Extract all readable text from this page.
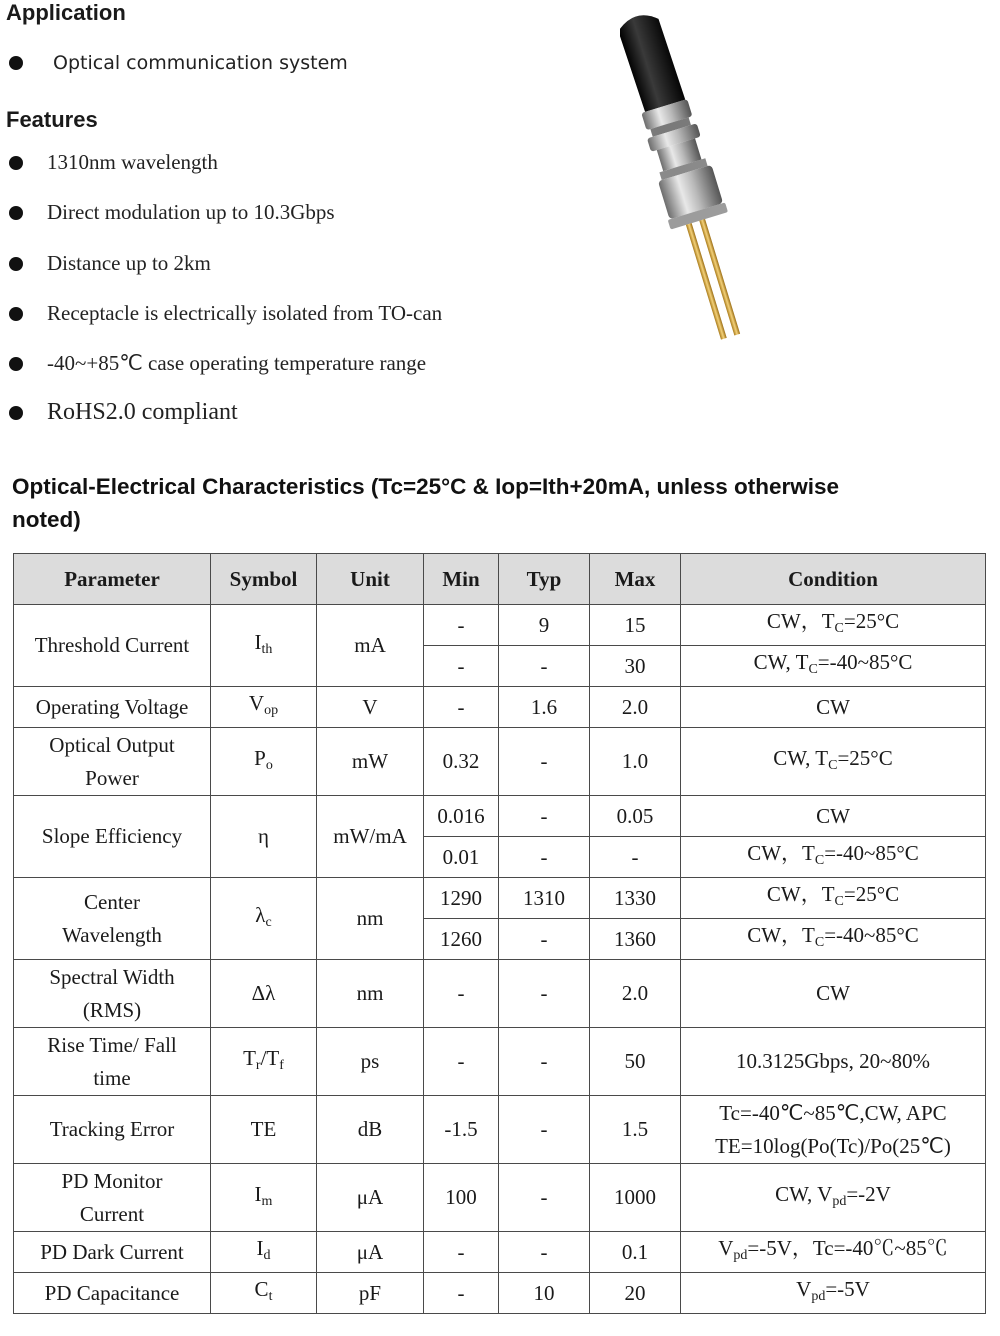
Application
Optical communication system
Features
1310nm wavelength
Direct modulation up to 10.3Gbps
Distance up to 2km
Receptacle is electrically isolated from TO-can
-40~+85℃ case operating temperature range
RoHS2.0 compliant
Optical-Electrical Characteristics (Tc=25°C & Iop=Ith+20mA, unless otherwise
noted)
Parameter	Symbol	Unit	Min	Typ	Max	Condition
Threshold Current	$I_{th}$	mA	-	9	15	CW，$T_C=25^\circ C$
			-	-	30	CW, $T_C=-40\sim 85^\circ C$
Operating Voltage	$V_{op}$	V	-	1.6	2.0	CW
Optical Output
Power	$P_o$	mW	0.32	-	1.0	CW, $T_C=25^\circ C$
Slope Efficiency	η	mW/mA	0.016	-	0.05	CW
			0.01	-	-	CW，$T_C=-40\sim 85^\circ C$
Center
Wavelength	$\lambda_c$	nm	1290	1310	1330	CW，$T_C=25^\circ C$
			1260	-	1360	CW，$T_C=-40\sim 85^\circ C$
Spectral Width
(RMS)	Δλ	nm	-	-	2.0	CW
Rise Time/ Fall
time	$T_r/T_f$	ps	-	-	50	10.3125Gbps, 20~80%
Tracking Error	TE	dB	-1.5	-	1.5	Tc=-40℃~85℃,CW, APC
TE=10log(Po(Tc)/Po(25℃)
PD Monitor
Current	$I_m$	μA	100	-	1000	CW, $V_{pd}=-2V$
PD Dark Current	$I_d$	μA	-	-	0.1	$V_{pd}=-5V$，Tc=-40℃~85℃
PD Capacitance	$C_t$	pF	-	10	20	$V_{pd}=-5V$
